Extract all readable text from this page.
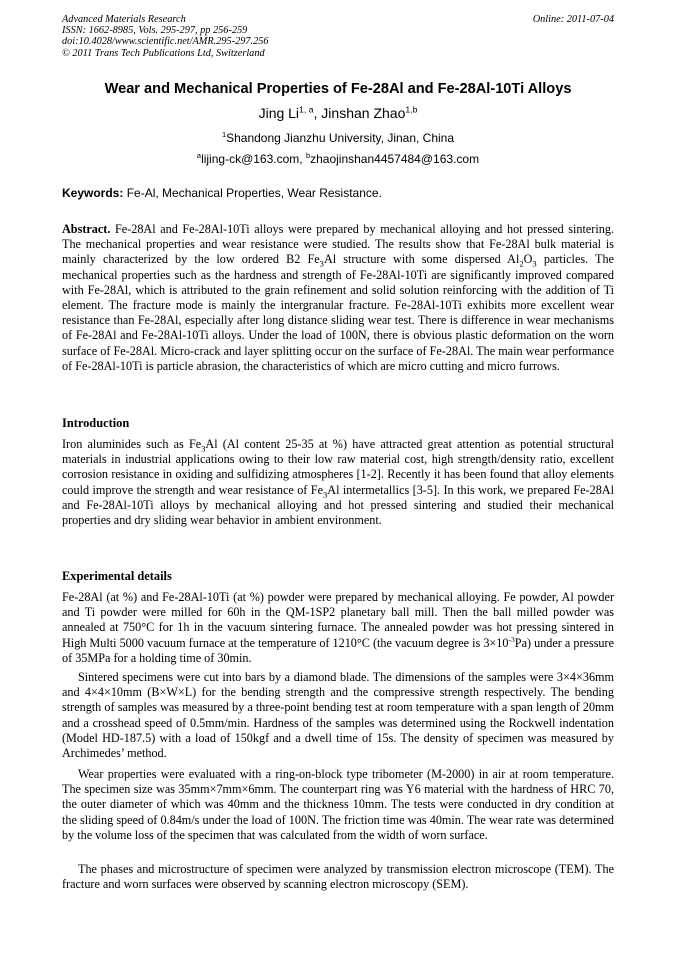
Advanced Materials Research
ISSN: 1662-8985, Vols. 295-297, pp 256-259
doi:10.4028/www.scientific.net/AMR.295-297.256
© 2011 Trans Tech Publications Ltd, Switzerland
Online: 2011-07-04
Wear and Mechanical Properties of Fe-28Al and Fe-28Al-10Ti Alloys
Jing Li$^{1, a}$, Jinshan Zhao$^{1,b}$
$^1$Shandong Jianzhu University, Jinan, China
$^a$lijing-ck@163.com, $^b$zhaojinshan4457484@163.com
Keywords: Fe-Al, Mechanical Properties, Wear Resistance.
Abstract. Fe-28Al and Fe-28Al-10Ti alloys were prepared by mechanical alloying and hot pressed sintering. The mechanical properties and wear resistance were studied. The results show that Fe-28Al bulk material is mainly characterized by the low ordered B2 $Fe_3Al$ structure with some dispersed $Al_2O_3$ particles. The mechanical properties such as the hardness and strength of Fe-28Al-10Ti are significantly improved compared with Fe-28Al, which is attributed to the grain refinement and solid solution reinforcing with the addition of Ti element. The fracture mode is mainly the intergranular fracture. Fe-28Al-10Ti exhibits more excellent wear resistance than Fe-28Al, especially after long distance sliding wear test. There is difference in wear mechanisms of Fe-28Al and Fe-28Al-10Ti alloys. Under the load of 100N, there is obvious plastic deformation on the worn surface of Fe-28Al. Micro-crack and layer splitting occur on the surface of Fe-28Al. The main wear performance of Fe-28Al-10Ti is particle abrasion, the characteristics of which are micro cutting and micro furrows.
Introduction
Iron aluminides such as $Fe_3Al$ (Al content 25-35 at %) have attracted great attention as potential structural materials in industrial applications owing to their low raw material cost, high strength/density ratio, excellent corrosion resistance in oxiding and sulfidizing atmospheres [1-2]. Recently it has been found that alloy elements could improve the strength and wear resistance of $Fe_3Al$ intermetallics [3-5]. In this work, we prepared Fe-28Al and Fe-28Al-10Ti alloys by mechanical alloying and hot pressed sintering and studied their mechanical properties and dry sliding wear behavior in ambient environment.
Experimental details
Fe-28Al (at %) and Fe-28Al-10Ti (at %) powder were prepared by mechanical alloying. Fe powder, Al powder and Ti powder were milled for 60h in the QM-1SP2 planetary ball mill. Then the ball milled powder was annealed at 750°C for 1h in the vacuum sintering furnace. The annealed powder was hot pressing sintered in High Multi 5000 vacuum furnace at the temperature of 1210°C (the vacuum degree is $3\times 10^{-3}Pa$) under a pressure of 35MPa for a holding time of 30min.
Sintered specimens were cut into bars by a diamond blade. The dimensions of the samples were 3×4×36mm and 4×4×10mm (B×W×L) for the bending strength and the compressive strength respectively. The bending strength of samples was measured by a three-point bending test at room temperature with a span length of 20mm and a crosshead speed of 0.5mm/min. Hardness of the samples was determined using the Rockwell indentation (Model HD-187.5) with a load of 150kgf and a dwell time of 15s. The density of specimen was measured by Archimedes’ method.
Wear properties were evaluated with a ring-on-block type tribometer (M-2000) in air at room temperature. The specimen size was 35mm×7mm×6mm. The counterpart ring was Y6 material with the hardness of HRC 70, the outer diameter of which was 40mm and the thickness 10mm. The tests were conducted in dry condition at the sliding speed of 0.84m/s under the load of 100N. The friction time was 40min. The wear rate was determined by the volume loss of the specimen that was calculated from the width of worn surface.
The phases and microstructure of specimen were analyzed by transmission electron microscope (TEM). The fracture and worn surfaces were observed by scanning electron microscopy (SEM).
